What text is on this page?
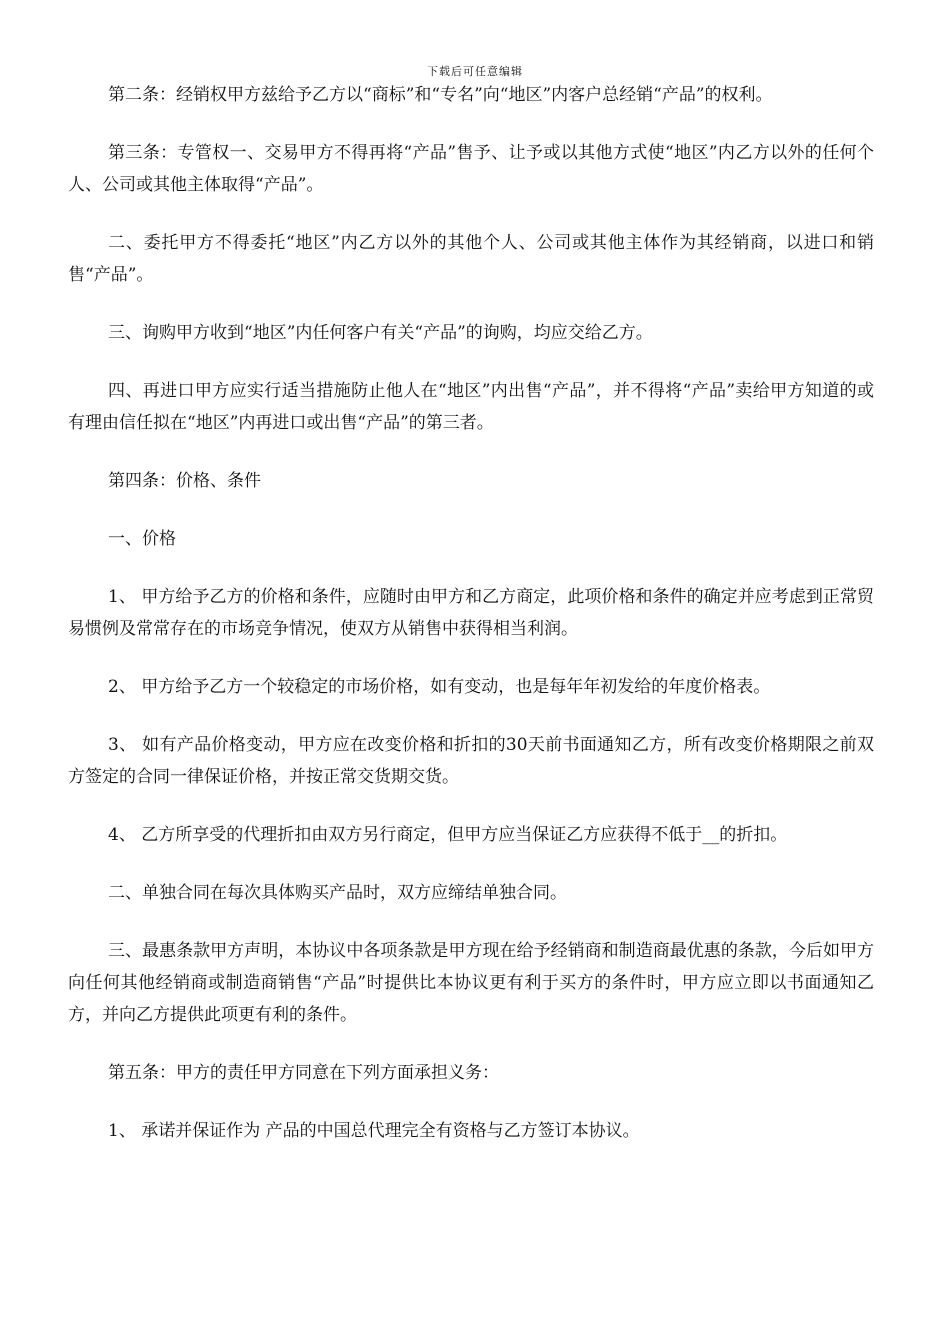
下载后可任意编辑

第二条：经销权甲方兹给予乙方以“商标”和“专名”向“地区”内客户总经销“产品”的权利。

第三条：专管权一、交易甲方不得再将“产品”售予、让予或以其他方式使“地区”内乙方以外的任何个人、公司或其他主体取得“产品”。

二、委托甲方不得委托“地区”内乙方以外的其他个人、公司或其他主体作为其经销商，以进口和销售“产品”。

三、询购甲方收到“地区”内任何客户有关“产品”的询购，均应交给乙方。

四、再进口甲方应实行适当措施防止他人在“地区”内出售“产品”，并不得将“产品”卖给甲方知道的或有理由信任拟在“地区”内再进口或出售“产品”的第三者。

第四条：价格、条件

一、价格

1、 甲方给予乙方的价格和条件，应随时由甲方和乙方商定，此项价格和条件的确定并应考虑到正常贸易惯例及常常存在的市场竞争情况，使双方从销售中获得相当利润。

2、 甲方给予乙方一个较稳定的市场价格，如有变动，也是每年年初发给的年度价格表。

3、 如有产品价格变动，甲方应在改变价格和折扣的30天前书面通知乙方，所有改变价格期限之前双方签定的合同一律保证价格，并按正常交货期交货。

4、 乙方所享受的代理折扣由双方另行商定，但甲方应当保证乙方应获得不低于__的折扣。

二、单独合同在每次具体购买产品时，双方应缔结单独合同。

三、最惠条款甲方声明，本协议中各项条款是甲方现在给予经销商和制造商最优惠的条款，今后如甲方向任何其他经销商或制造商销售“产品”时提供比本协议更有利于买方的条件时，甲方应立即以书面通知乙方，并向乙方提供此项更有利的条件。

第五条：甲方的责任甲方同意在下列方面承担义务：

1、 承诺并保证作为 产品的中国总代理完全有资格与乙方签订本协议。
